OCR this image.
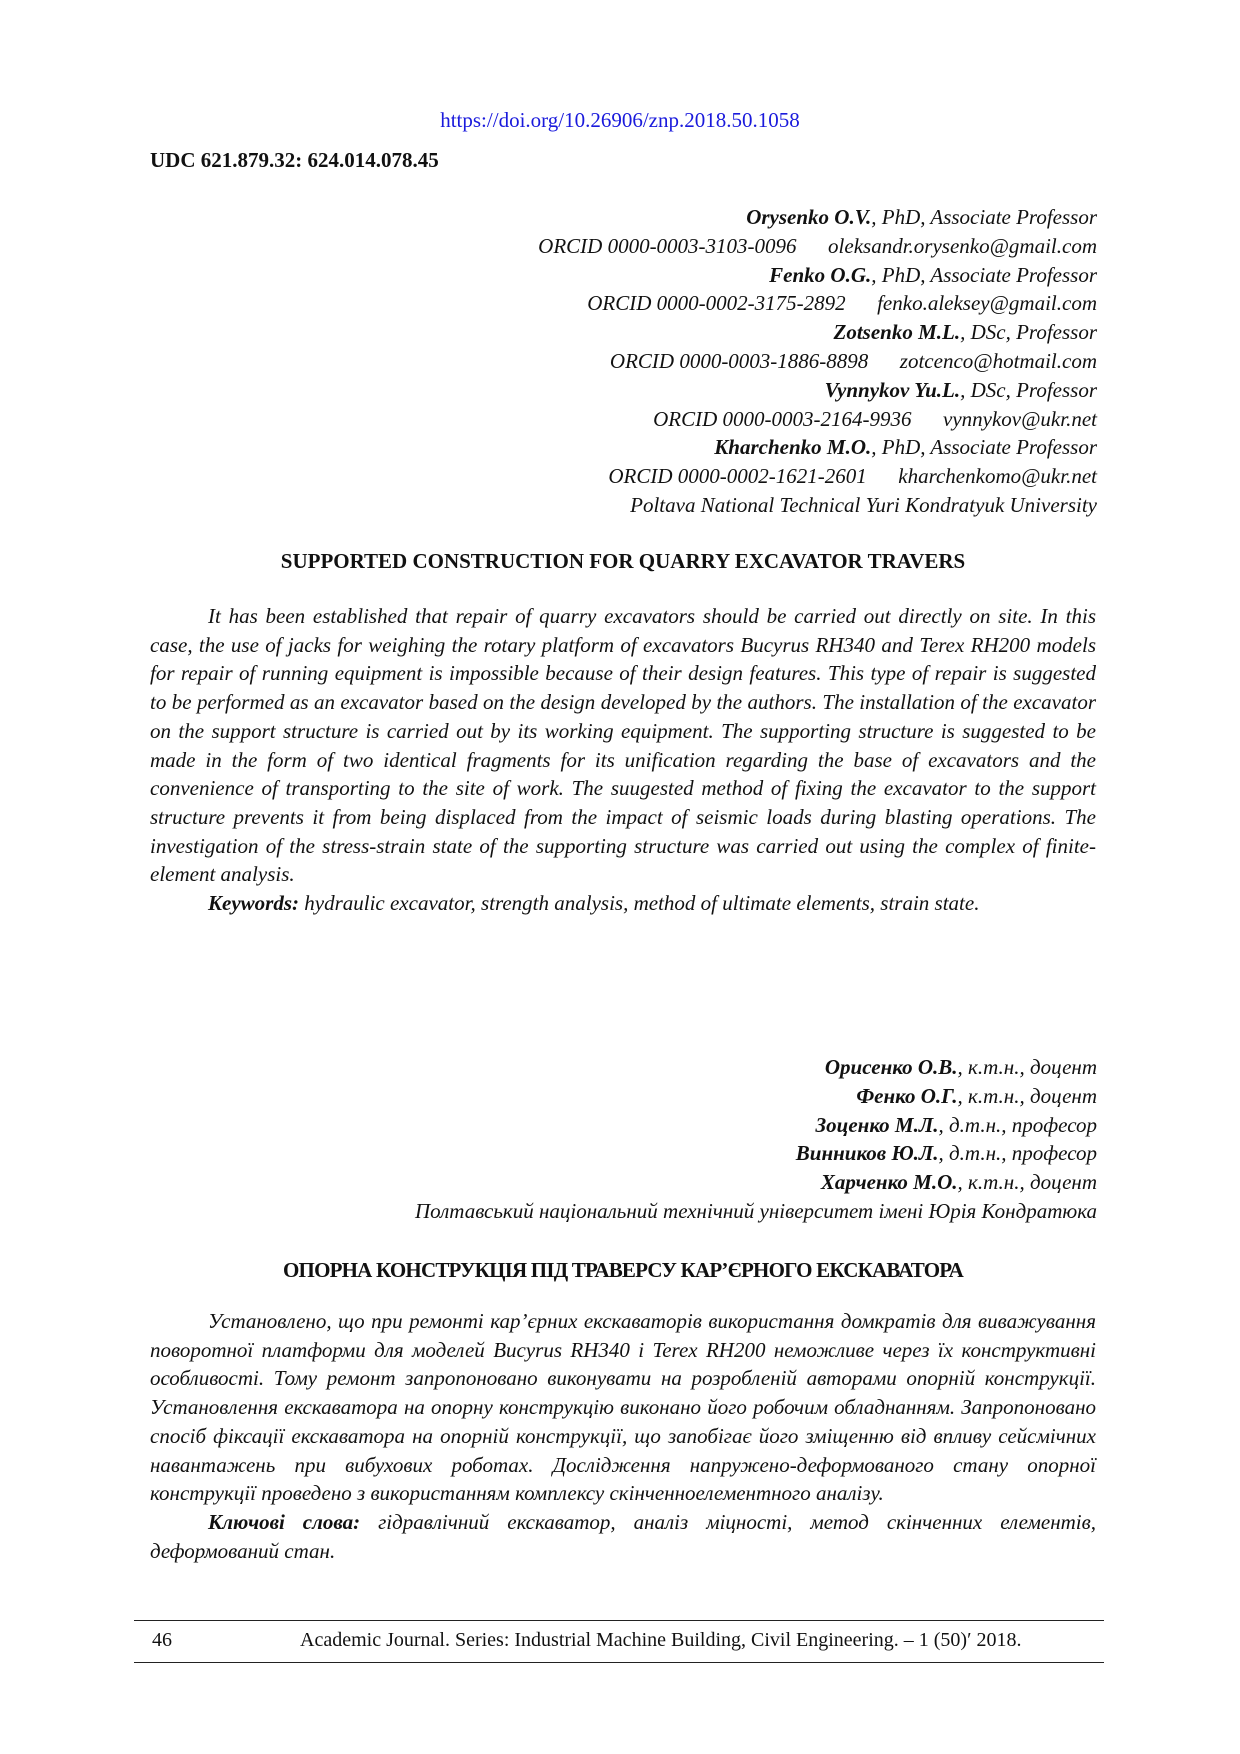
https://doi.org/10.26906/znp.2018.50.1058
UDC 621.879.32: 624.014.078.45
Orysenko O.V., PhD, Associate Professor
ORCID 0000-0003-3103-0096 oleksandr.orysenko@gmail.com
Fenko O.G., PhD, Associate Professor
ORCID 0000-0002-3175-2892 fenko.aleksey@gmail.com
Zotsenko M.L., DSc, Professor
ORCID 0000-0003-1886-8898 zotcenco@hotmail.com
Vynnykov Yu.L., DSc, Professor
ORCID 0000-0003-2164-9936 vynnykov@ukr.net
Kharchenko M.O., PhD, Associate Professor
ORCID 0000-0002-1621-2601 kharchenkomo@ukr.net
Poltava National Technical Yuri Kondratyuk University
SUPPORTED CONSTRUCTION FOR QUARRY EXCAVATOR TRAVERS

It has been established that repair of quarry excavators should be carried out directly on site. In this case, the use of jacks for weighing the rotary platform of excavators Bucyrus RH340 and Terex RH200 models for repair of running equipment is impossible because of their design features. This type of repair is suggested to be performed as an excavator based on the design developed by the authors. The installation of the excavator on the support structure is carried out by its working equipment. The supporting structure is suggested to be made in the form of two identical fragments for its unification regarding the base of excavators and the convenience of transporting to the site of work. The suugested method of fixing the excavator to the support structure prevents it from being displaced from the impact of seismic loads during blasting operations. The investigation of the stress-strain state of the supporting structure was carried out using the complex of finite-element analysis.

Keywords: hydraulic excavator, strength analysis, method of ultimate elements, strain state.

Орисенко О.В., к.т.н., доцент
Фенко О.Г., к.т.н., доцент
Зоценко М.Л., д.т.н., професор
Винников Ю.Л., д.т.н., професор
Харченко М.О., к.т.н., доцент
Полтавський національний технічний університет імені Юрія Кондратюка
ОПОРНА КОНСТРУКЦІЯ ПІД ТРАВЕРСУ КАР’ЄРНОГО ЕКСКАВАТОРА

Установлено, що при ремонті кар’єрних екскаваторів використання домкратів для виважування поворотної платформи для моделей Bucyrus RH340 і Terex RH200 неможливе через їх конструктивні особливості. Тому ремонт запропоновано виконувати на розробленій авторами опорній конструкції. Установлення екскаватора на опорну конструкцію виконано його робочим обладнанням. Запропоновано спосіб фіксації екскаватора на опорній конструкції, що запобігає його зміщенню від впливу сейсмічних навантажень при вибухових роботах. Дослідження напружено-деформованого стану опорної конструкції проведено з використанням комплексу скінченноелементного аналізу.

Ключові слова: гідравлічний екскаватор, аналіз міцності, метод скінченних елементів, деформований стан.

46	Academic Journal. Series: Industrial Machine Building, Civil Engineering. – 1 (50)′ 2018.
